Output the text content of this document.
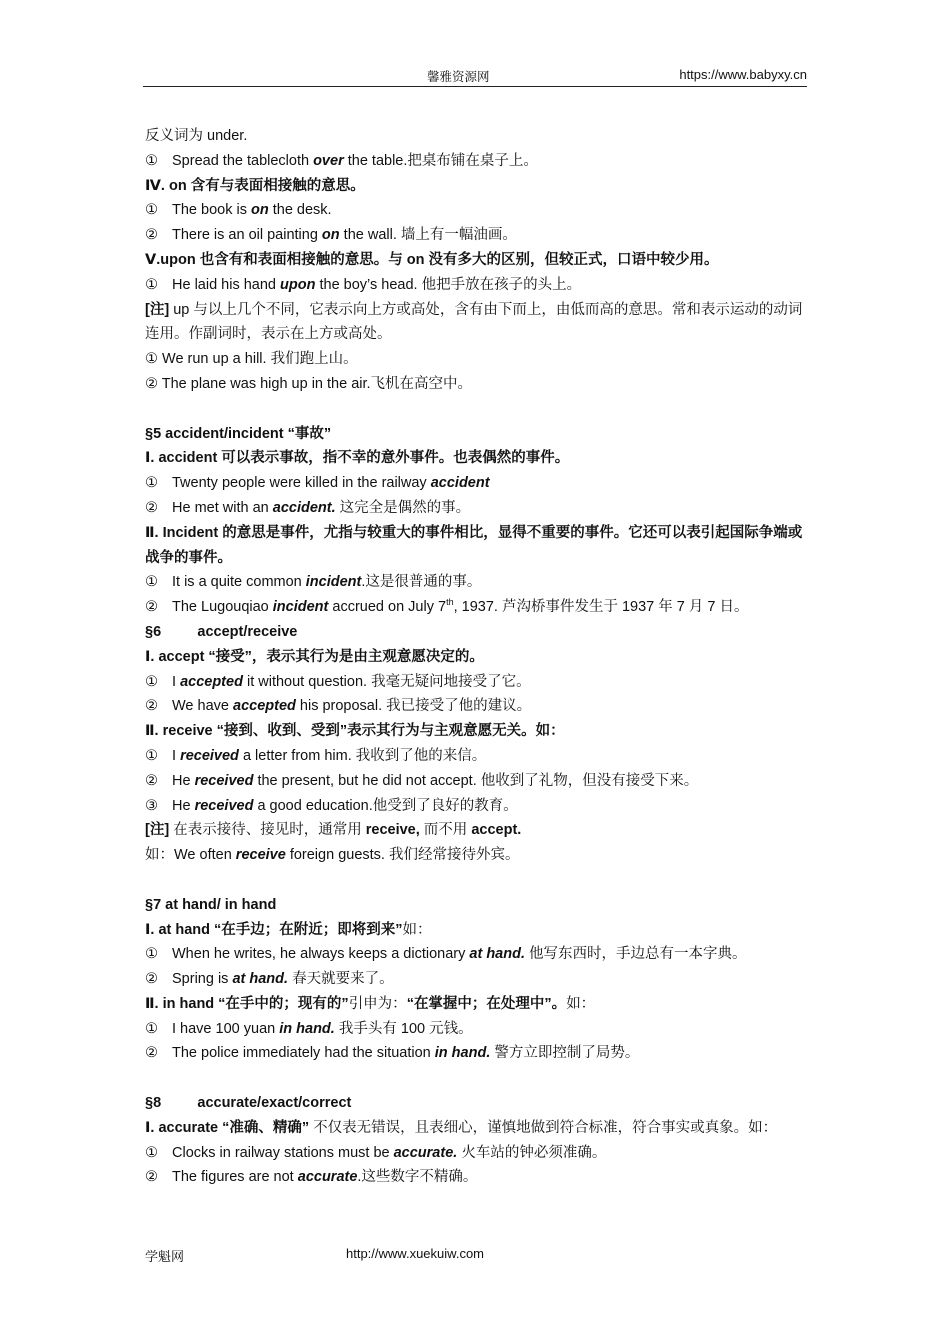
馨雅资源网	https://www.babyxy.cn
反义词为 under.
① Spread the tablecloth over the table.把桌布铺在桌子上。
Ⅳ. on 含有与表面相接触的意思。
① The book is on the desk.
② There is an oil painting on the wall. 墙上有一幅油画。
Ⅴ.upon 也含有和表面相接触的意思。与 on 没有多大的区别，但较正式，口语中较少用。
① He laid his hand upon the boy’s head. 他把手放在孩子的头上。
[注] up 与以上几个不同，它表示向上方或高处，含有由下而上，由低而高的意思。常和表示运动的动词连用。作副词时，表示在上方或高处。
① We run up a hill. 我们跑上山。
② The plane was high up in the air.飞机在高空中。
§5 accident/incident “事故”
Ⅰ. accident 可以表示事故，指不幸的意外事件。也表偶然的事件。
① Twenty people were killed in the railway accident
② He met with an accident. 这完全是偶然的事。
Ⅱ. Incident 的意思是事件，尤指与较重大的事件相比，显得不重要的事件。它还可以表引起国际争端或战争的事件。
① It is a quite common incident.这是很普通的事。
② The Lugouqiao incident accrued on July 7th, 1937. 芦沟桥事件发生于 1937 年 7 月 7 日。
§6         accept/receive
Ⅰ. accept “接受”，表示其行为是由主观意愿决定的。
① I accepted it without question. 我毫无疑问地接受了它。
② We have accepted his proposal. 我已接受了他的建议。
Ⅱ. receive “接到、收到、受到”表示其行为与主观意愿无关。如：
① I received a letter from him. 我收到了他的来信。
② He received the present, but he did not accept. 他收到了礼物，但没有接受下来。
③ He received a good education.他受到了良好的教育。
[注] 在表示接待、接见时，通常用 receive, 而不用 accept.
如：We often receive foreign guests. 我们经常接待外宾。
§7 at hand/ in hand
Ⅰ. at hand “在手边；在附近；即将到来”如：
① When he writes, he always keeps a dictionary at hand. 他写东西时，手边总有一本字典。
② Spring is at hand. 春天就要来了。
Ⅱ. in hand “在手中的；现有的”引申为：“在掌握中；在处理中”。如：
① I have 100 yuan in hand. 我手头有 100 元钱。
② The police immediately had the situation in hand. 警方立即控制了局势。
§8         accurate/exact/correct
Ⅰ. accurate “准确、精确” 不仅表无错误，且表细心，谨慎地做到符合标准，符合事实或真象。如：
① Clocks in railway stations must be accurate. 火车站的钟必须准确。
② The figures are not accurate.这些数字不精确。
学魁网	http://www.xuekuiw.com
